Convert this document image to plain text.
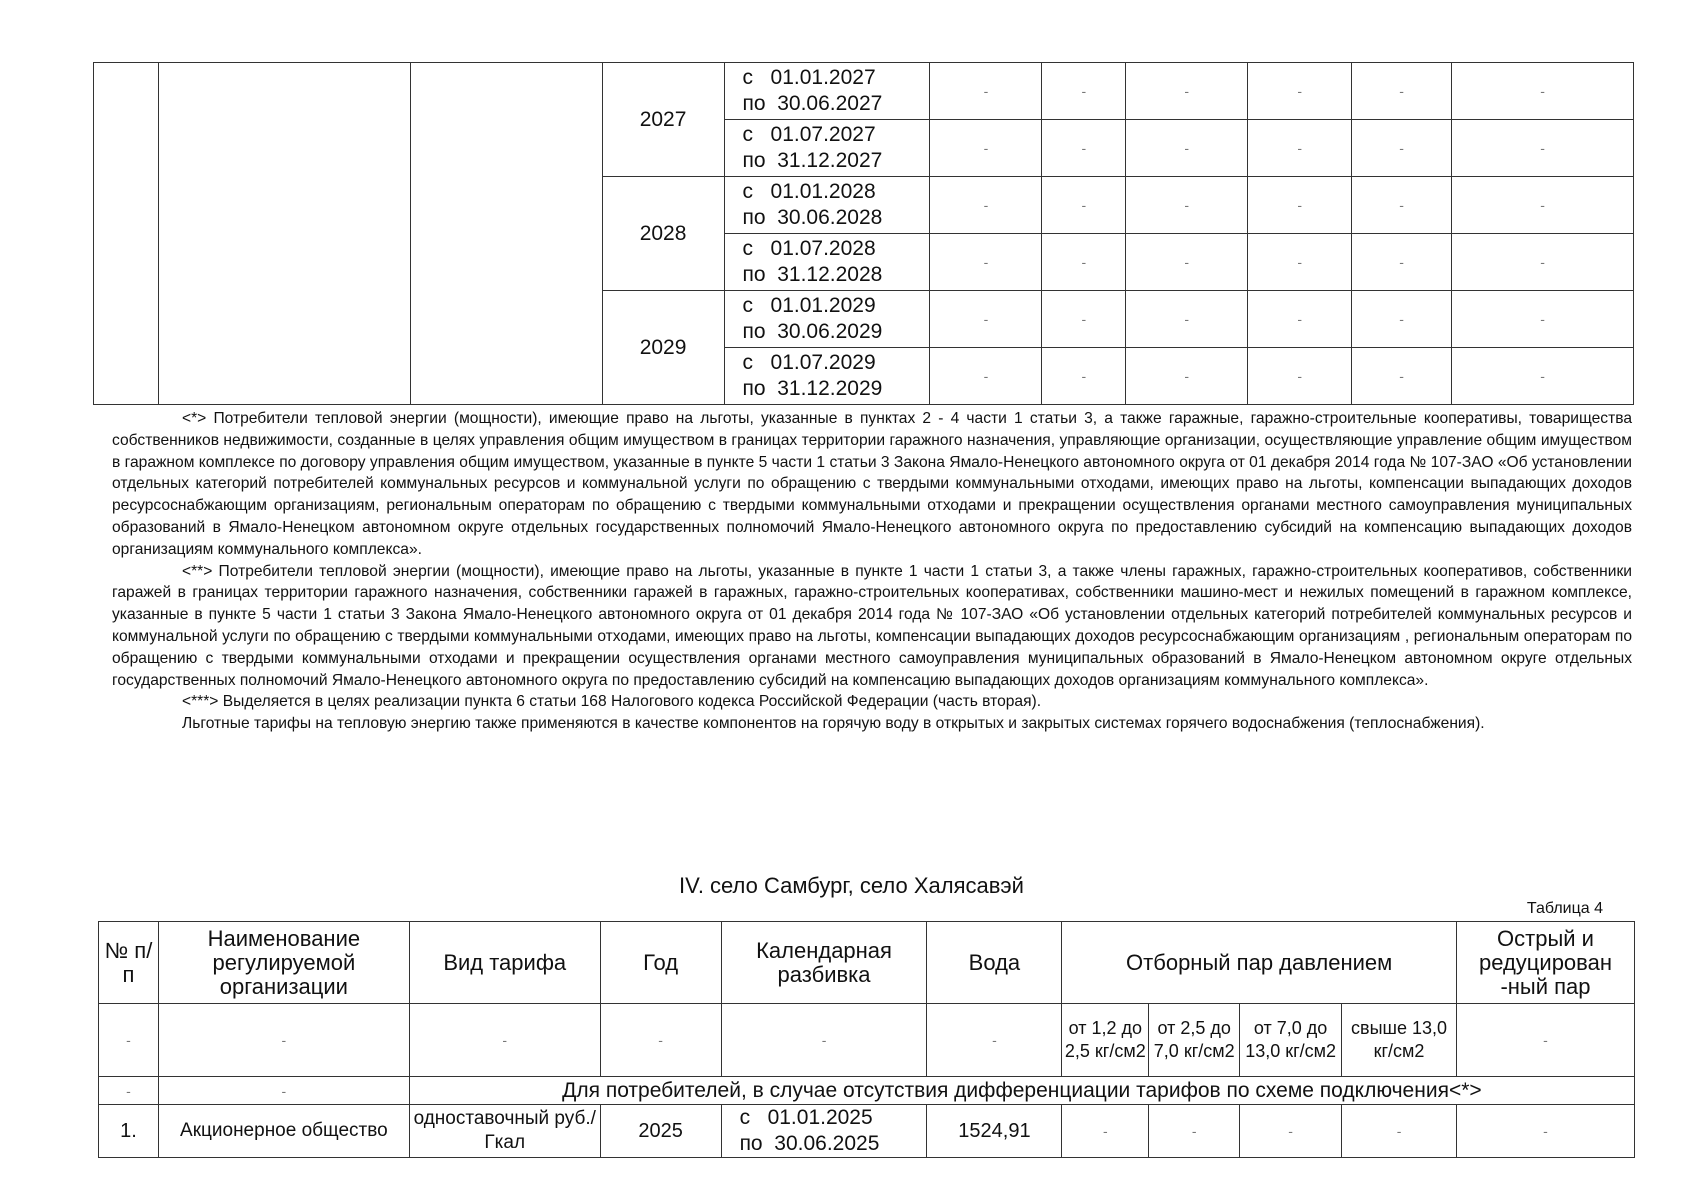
			2027	с   01.01.2027
по  30.06.2027	-	-	-	-	-	-

				с   01.07.2027
по  31.12.2027	-	-	-	-	-	-
			2028	с   01.01.2028
по  30.06.2028	-	-	-	-	-	-

				с   01.07.2028
по  31.12.2028	-	-	-	-	-	-
			2029	с   01.01.2029
по  30.06.2029	-	-	-	-	-	-

				с   01.07.2029
по  31.12.2029	-	-	-	-	-	-

<*> Потребители тепловой энергии (мощности), имеющие право на льготы, указанные в пунктах 2 - 4 части 1 статьи 3, а также гаражные, гаражно-строительные кооперативы, товарищества собственников недвижимости, созданные в целях управления общим имуществом в границах территории гаражного назначения, управляющие организации, осуществляющие управление общим имуществом в гаражном комплексе по договору управления общим имуществом, указанные в пункте 5 части 1 статьи 3 Закона Ямало-Ненецкого автономного округа от 01 декабря 2014 года № 107-ЗАО «Об установлении отдельных категорий потребителей коммунальных ресурсов и коммунальной услуги по обращению с твердыми коммунальными отходами, имеющих право на льготы, компенсации выпадающих доходов ресурсоснабжающим организациям, региональным операторам по обращению с твердыми коммунальными отходами и прекращении осуществления органами местного самоуправления муниципальных образований в Ямало-Ненецком автономном округе отдельных государственных полномочий Ямало-Ненецкого автономного округа по предоставлению субсидий на компенсацию выпадающих доходов организациям коммунального комплекса».

<**> Потребители тепловой энергии (мощности), имеющие право на льготы, указанные в пункте 1 части 1 статьи 3, а также члены гаражных, гаражно-строительных кооперативов, собственники гаражей в границах территории гаражного назначения, собственники гаражей в гаражных, гаражно-строительных кооперативах, собственники машино-мест и нежилых помещений в гаражном комплексе, указанные в пункте 5 части 1 статьи 3 Закона Ямало-Ненецкого автономного округа от 01 декабря 2014 года № 107-ЗАО «Об установлении отдельных категорий потребителей коммунальных ресурсов и коммунальной услуги по обращению с твердыми коммунальными отходами, имеющих право на льготы, компенсации выпадающих доходов ресурсоснабжающим организациям , региональным операторам по обращению с твердыми коммунальными отходами и прекращении осуществления органами местного самоуправления муниципальных образований в Ямало-Ненецком автономном округе отдельных государственных полномочий Ямало-Ненецкого автономного округа по предоставлению субсидий на компенсацию выпадающих доходов организациям коммунального комплекса».

<***> Выделяется в целях реализации пункта 6 статьи 168 Налогового кодекса Российской Федерации (часть вторая).

Льготные тарифы на тепловую энергию также применяются в качестве компонентов на горячую воду в открытых и закрытых системах горячего водоснабжения (теплоснабжения).

IV. село Самбург, село Халясавэй
Таблица 4
№ п/п	Наименование регулируемой организации	Вид тарифа	Год	Календарная разбивка	Вода	Отборный пар давлением				Острый и редуцирован -ный пар
-	-	-	-	-	-	от 1,2 до 2,5 кг/см2	от 2,5 до 7,0 кг/см2	от 7,0 до 13,0 кг/см2	свыше 13,0 кг/см2	-
-	-	Для потребителей, в случае отсутствия дифференциации тарифов по схеме подключения<*>								
1.	Акционерное общество	одноставочный руб./Гкал	2025	с   01.01.2025
по  30.06.2025	1524,91	-	-	-	-	-
